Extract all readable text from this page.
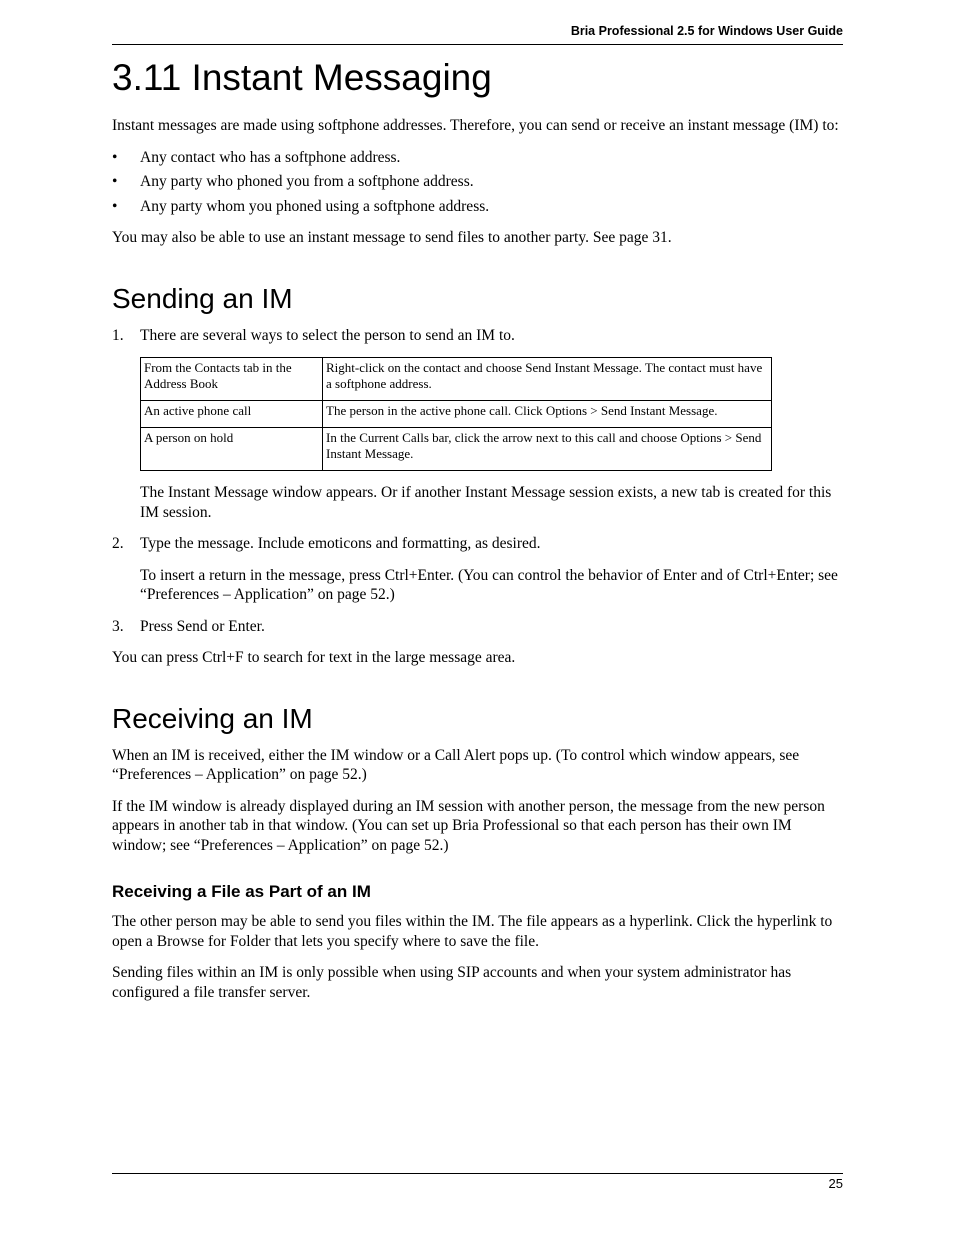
Bria Professional 2.5 for Windows User Guide
3.11 Instant Messaging

Instant messages are made using softphone addresses. Therefore, you can send or receive an instant message (IM) to:

• Any contact who has a softphone address.
• Any party who phoned you from a softphone address.
• Any party whom you phoned using a softphone address.

You may also be able to use an instant message to send files to another party. See page 31.

Sending an IM
1. There are several ways to select the person to send an IM to.
From the Contacts tab in the Address Book	Right-click on the contact and choose Send Instant Message. The contact must have a softphone address.
An active phone call	The person in the active phone call. Click Options > Send Instant Message.
A person on hold	In the Current Calls bar, click the arrow next to this call and choose Options > Send Instant Message.

The Instant Message window appears. Or if another Instant Message session exists, a new tab is created for this IM session.

2. Type the message. Include emoticons and formatting, as desired.

To insert a return in the message, press Ctrl+Enter. (You can control the behavior of Enter and of Ctrl+Enter; see “Preferences – Application” on page 52.)

3. Press Send or Enter.

You can press Ctrl+F to search for text in the large message area.

Receiving an IM

When an IM is received, either the IM window or a Call Alert pops up. (To control which window appears, see “Preferences – Application” on page 52.)

If the IM window is already displayed during an IM session with another person, the message from the new person appears in another tab in that window. (You can set up Bria Professional so that each person has their own IM window; see “Preferences – Application” on page 52.)

Receiving a File as Part of an IM

The other person may be able to send you files within the IM. The file appears as a hyperlink. Click the hyperlink to open a Browse for Folder that lets you specify where to save the file.

Sending files within an IM is only possible when using SIP accounts and when your system administrator has configured a file transfer server.

25
